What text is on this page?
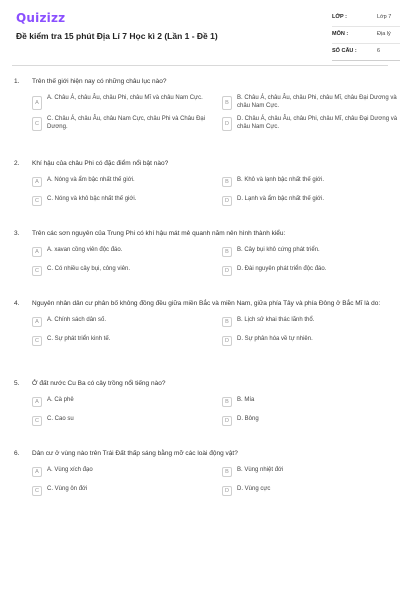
Quizizz
Đề kiểm tra 15 phút Địa Lí 7 Học kì 2 (Lần 1 - Đề 1)
LỚP :	Lớp 7
MÔN :	Địa lý
SỐ CÂU :	6
1.	Trên thế giới hiện nay có những châu lục nào?
A
A. Châu Á, châu Âu, châu Phi, châu Mĩ và châu Nam Cực.
B
B. Châu Á, châu Âu, châu Phi, châu Mĩ, châu Đại Dương và châu Nam Cực.
C
C. Châu Á, châu Âu, châu Nam Cực, châu Phi và Châu Đại Dương.	D
D. Châu Á, châu Âu, châu Phi, châu Mĩ, châu Đại Dương và châu Nam Cực.
2.	Khí hậu của châu Phi có đặc điểm nổi bật nào?
A	A. Nóng và ẩm bậc nhất thế giới.	B	B. Khô và lạnh bậc nhất thế giới.
C	C. Nóng và khô bậc nhất thế giới.	D	D. Lạnh và ẩm bậc nhất thế giới.
3.	Trên các sơn nguyên của Trung Phi có khí hậu mát mẻ quanh năm nên hình thành kiểu:
A	A. xavan cồng viên độc đáo.	B	B. Cây bụi khô cứng phát triển.
C	C. Có nhiều cây bụi, công viên.	D	D. Đài nguyên phát triển độc đáo.
4.	Nguyên nhân dân cư phân bố không đồng đều giữa miền Bắc và miền Nam, giữa phía Tây và phía Đông ở Bắc Mĩ là do:
A	A. Chính sách dân số.	B	B. Lịch sử khai thác lãnh thổ.
C	C. Sự phát triển kinh tế.	D	D. Sự phân hóa về tự nhiên.
5.	Ở đất nước Cu Ba có cây trồng nổi tiếng nào?
A	A. Cà phê	B	B. Mía
C	C. Cao su	D	D. Bông
6.	Dân cư ở vùng nào trên Trái Đất thấp sáng bằng mỡ các loài động vật?
A	A. Vùng xích đạo	B	B. Vùng nhiệt đới
C	C. Vùng ôn đới	D	D. Vùng cực
